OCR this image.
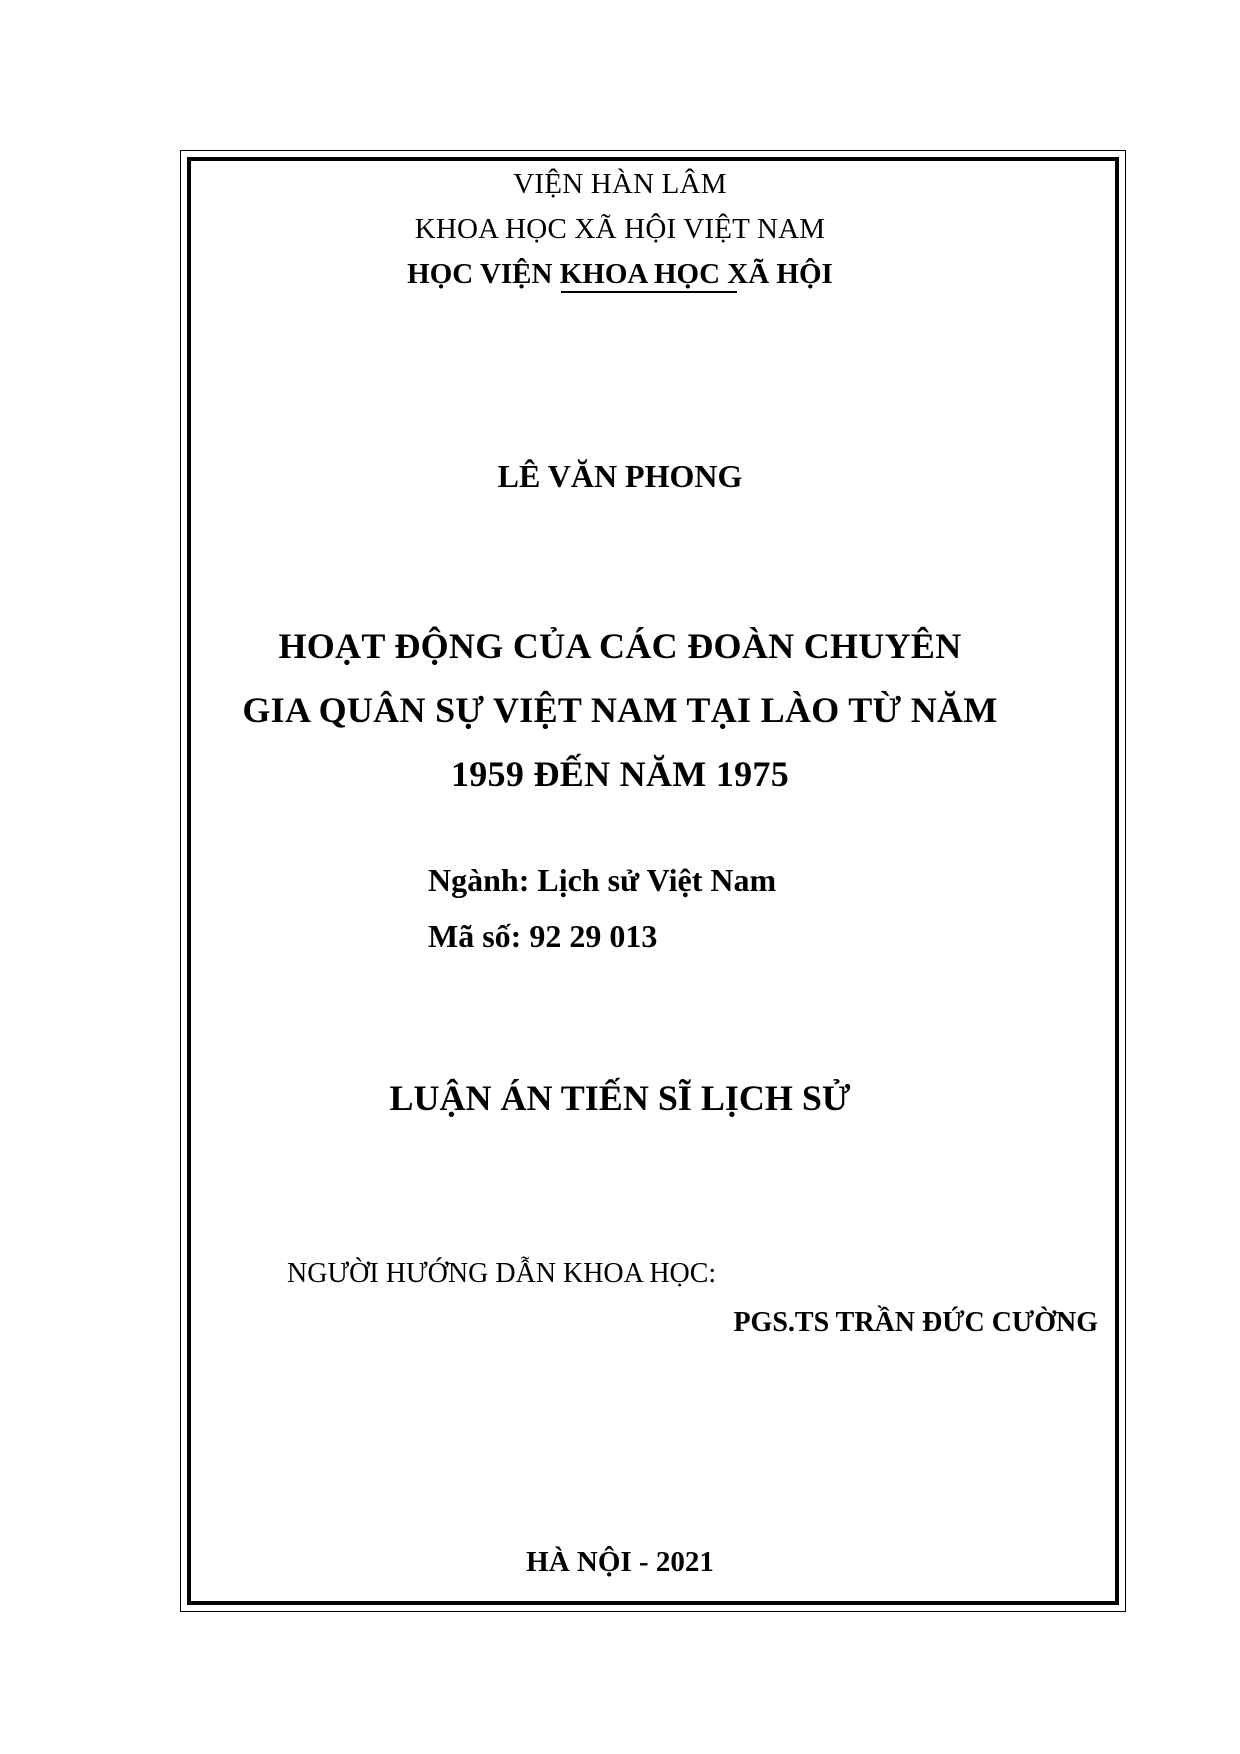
VIỆN HÀN LÂM
KHOA HỌC XÃ HỘI VIỆT NAM
HỌC VIỆN KHOA HỌC XÃ HỘI
LÊ VĂN PHONG
HOẠT ĐỘNG CỦA CÁC ĐOÀN CHUYÊN
GIA QUÂN SỰ VIỆT NAM TẠI LÀO TỪ NĂM
1959 ĐẾN NĂM 1975
Ngành: Lịch sử Việt Nam
Mã số: 92 29 013
LUẬN ÁN TIẾN SĨ LỊCH SỬ
NGƯỜI HƯỚNG DẪN KHOA HỌC:
PGS.TS TRẦN ĐỨC CƯỜNG
HÀ NỘI - 2021
